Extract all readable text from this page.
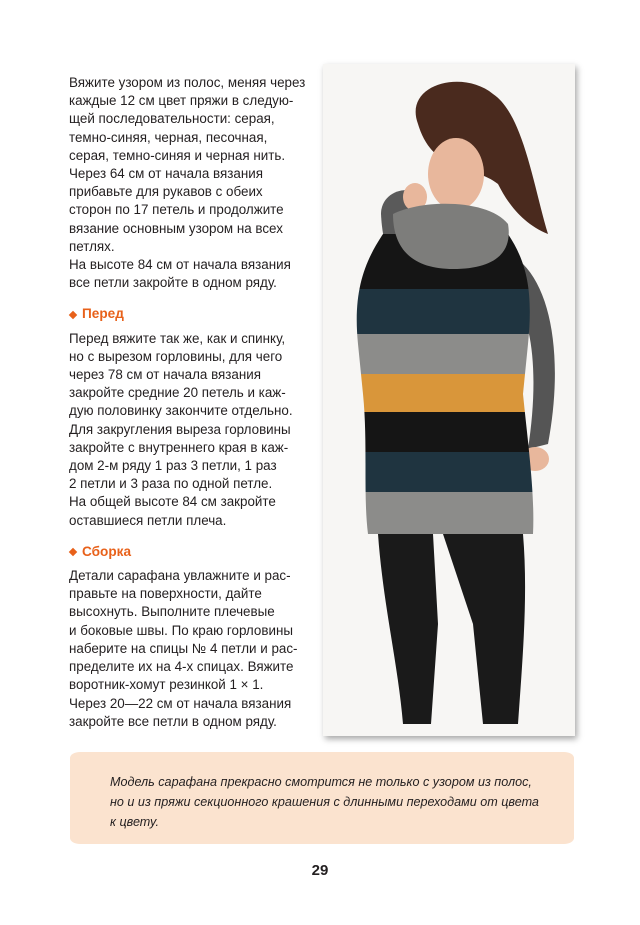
Вяжите узором из полос, меняя через

каждые 12 см цвет пряжи в следую-

щей последовательности: серая,

темно-синяя, черная, песочная,

серая, темно-синяя и черная нить.

Через 64 см от начала вязания

прибавьте для рукавов с обеих

сторон по 17 петель и продолжите

вязание основным узором на всех

петлях.

На высоте 84 см от начала вязания

все петли закройте в одном ряду.

Перед

Перед вяжите так же, как и спинку,

но с вырезом горловины, для чего

через 78 см от начала вязания

закройте средние 20 петель и каж-

дую половинку закончите отдельно.

Для закругления выреза горловины

закройте с внутреннего края в каж-

дом 2-м ряду 1 раз 3 петли, 1 раз

2 петли и 3 раза по одной петле.

На общей высоте 84 см закройте

оставшиеся петли плеча.

Сборка

Детали сарафана увлажните и рас-

правьте на поверхности, дайте

высохнуть. Выполните плечевые

и боковые швы. По краю горловины

наберите на спицы № 4 петли и рас-

пределите их на 4-х спицах. Вяжите

воротник-хомут резинкой 1 × 1.

Через 20—22 см от начала вязания

закройте все петли в одном ряду.

Модель сарафана прекрасно смотрится не только с узором из полос,
но и из пряжи секционного крашения с длинными переходами от цвета
к цвету.
29
